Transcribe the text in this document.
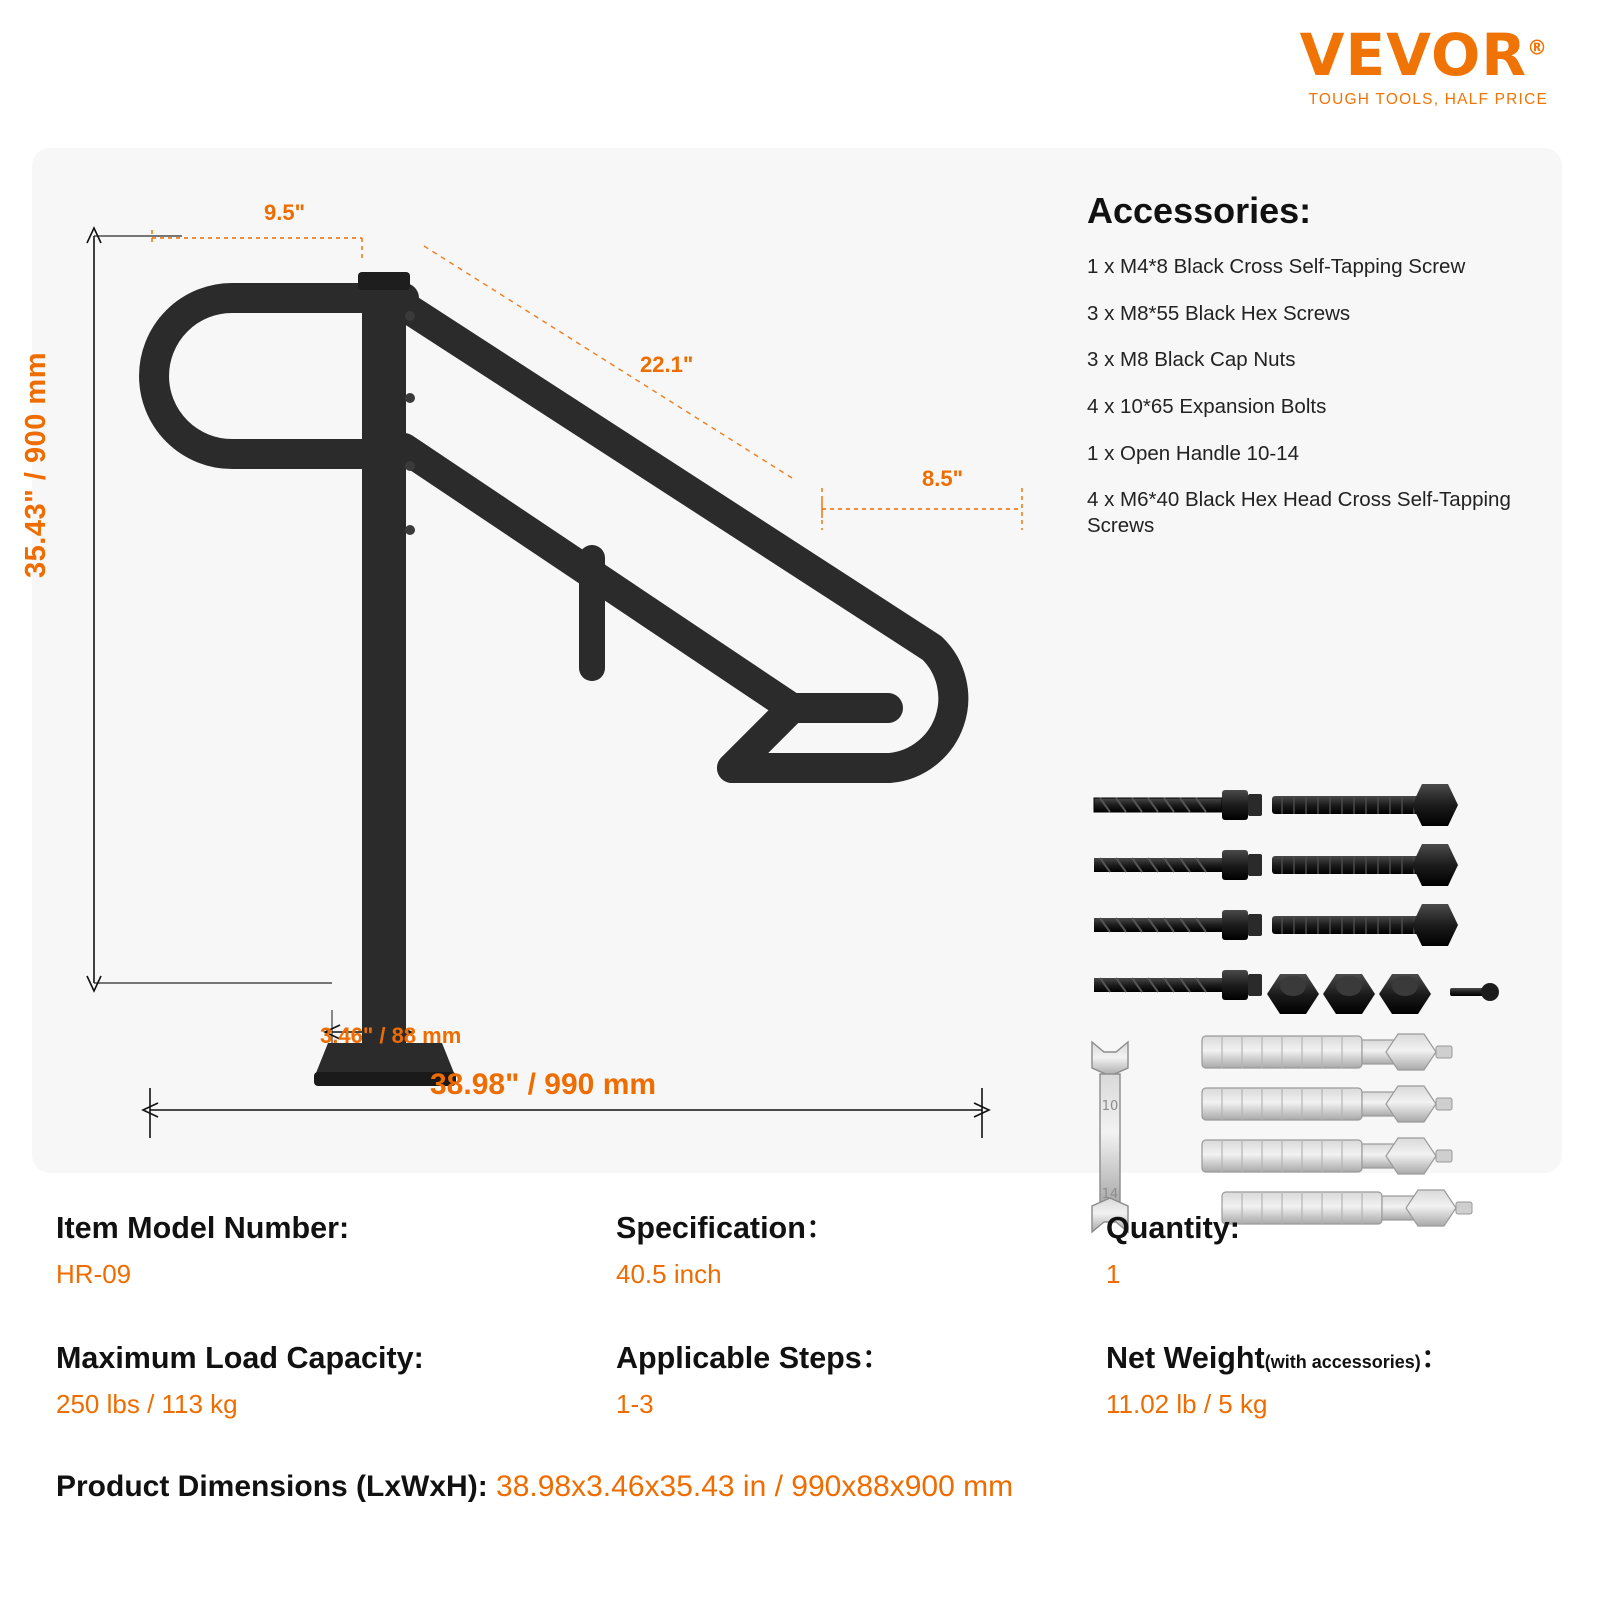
VEVOR®
TOUGH TOOLS, HALF PRICE
9.5"
22.1"
8.5"
35.43" / 900 mm
3.46" / 88 mm
38.98" / 990 mm
Accessories:
1 x M4*8 Black Cross Self-Tapping Screw
3 x M8*55 Black Hex Screws
3 x M8 Black Cap Nuts
4 x 10*65 Expansion Bolts
1 x Open Handle 10-14
4 x M6*40 Black Hex Head Cross Self-Tapping Screws
10
14
Item Model Number:
HR-09
Specification：
40.5 inch
Quantity:
1
Maximum Load Capacity:
250 lbs / 113 kg
Applicable Steps：
1-3
Net Weight(with accessories)：
11.02 lb / 5 kg
Product Dimensions (LxWxH): 38.98x3.46x35.43 in / 990x88x900 mm
